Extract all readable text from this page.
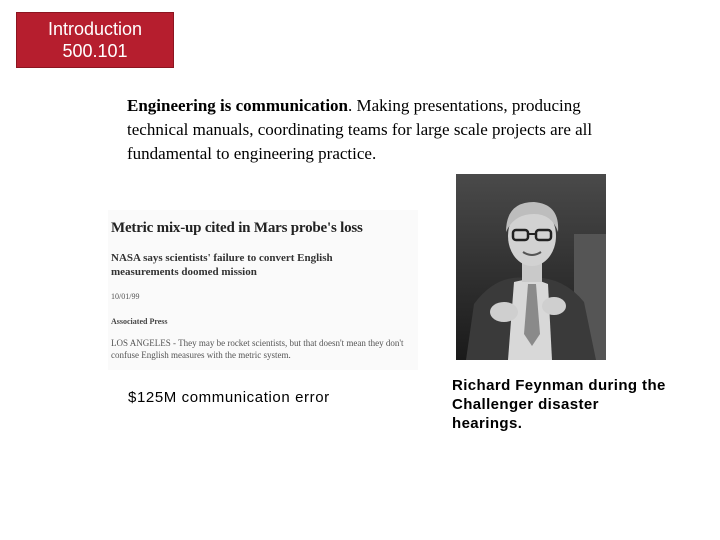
Introduction
500.101
Engineering is communication. Making presentations, producing technical manuals, coordinating teams for large scale projects are all fundamental to engineering practice.
Metric mix-up cited in Mars probe's loss
NASA says scientists' failure to convert English measurements doomed mission
10/01/99
Associated Press
LOS ANGELES - They may be rocket scientists, but that doesn't mean they don't confuse English measures with the metric system.
$125M communication error
Richard Feynman during the Challenger disaster hearings.
